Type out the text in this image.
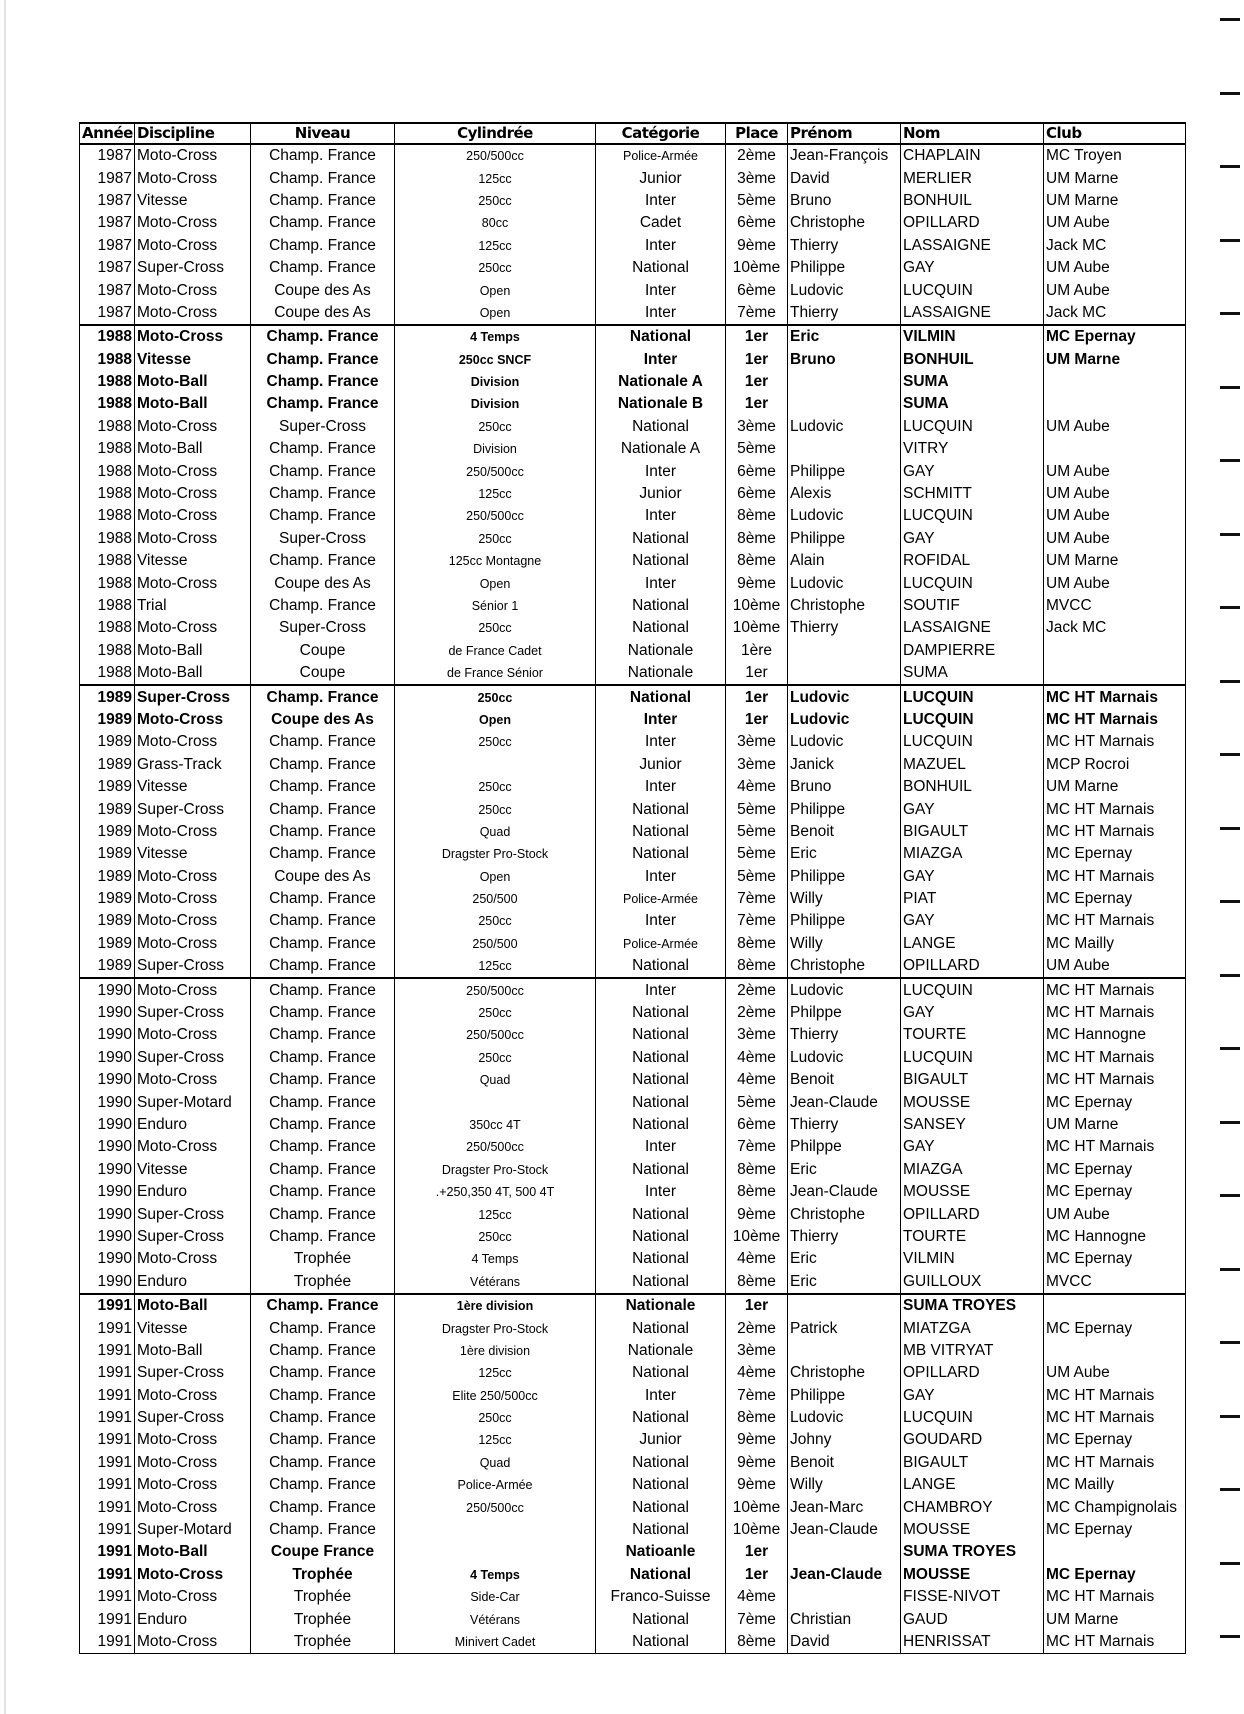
Année	Discipline	Niveau	Cylindrée	Catégorie	Place	Prénom	Nom	Club
1987	Moto-Cross	Champ. France	250/500cc	Police-Armée	2ème	Jean-François	CHAPLAIN	MC Troyen
1987	Moto-Cross	Champ. France	125cc	Junior	3ème	David	MERLIER	UM Marne
1987	Vitesse	Champ. France	250cc	Inter	5ème	Bruno	BONHUIL	UM Marne
1987	Moto-Cross	Champ. France	80cc	Cadet	6ème	Christophe	OPILLARD	UM Aube
1987	Moto-Cross	Champ. France	125cc	Inter	9ème	Thierry	LASSAIGNE	Jack MC
1987	Super-Cross	Champ. France	250cc	National	10ème	Philippe	GAY	UM Aube
1987	Moto-Cross	Coupe des As	Open	Inter	6ème	Ludovic	LUCQUIN	UM Aube
1987	Moto-Cross	Coupe des As	Open	Inter	7ème	Thierry	LASSAIGNE	Jack MC
1988	Moto-Cross	Champ. France	4 Temps	National	1er	Eric	VILMIN	MC Epernay
1988	Vitesse	Champ. France	250cc SNCF	Inter	1er	Bruno	BONHUIL	UM Marne
1988	Moto-Ball	Champ. France	Division	Nationale A	1er		SUMA	
1988	Moto-Ball	Champ. France	Division	Nationale B	1er		SUMA	
1988	Moto-Cross	Super-Cross	250cc	National	3ème	Ludovic	LUCQUIN	UM Aube
1988	Moto-Ball	Champ. France	Division	Nationale A	5ème		VITRY	
1988	Moto-Cross	Champ. France	250/500cc	Inter	6ème	Philippe	GAY	UM Aube
1988	Moto-Cross	Champ. France	125cc	Junior	6ème	Alexis	SCHMITT	UM Aube
1988	Moto-Cross	Champ. France	250/500cc	Inter	8ème	Ludovic	LUCQUIN	UM Aube
1988	Moto-Cross	Super-Cross	250cc	National	8ème	Philippe	GAY	UM Aube
1988	Vitesse	Champ. France	125cc Montagne	National	8ème	Alain	ROFIDAL	UM Marne
1988	Moto-Cross	Coupe des As	Open	Inter	9ème	Ludovic	LUCQUIN	UM Aube
1988	Trial	Champ. France	Sénior 1	National	10ème	Christophe	SOUTIF	MVCC
1988	Moto-Cross	Super-Cross	250cc	National	10ème	Thierry	LASSAIGNE	Jack MC
1988	Moto-Ball	Coupe	de France Cadet	Nationale	1ère		DAMPIERRE	
1988	Moto-Ball	Coupe	de France Sénior	Nationale	1er		SUMA	
1989	Super-Cross	Champ. France	250cc	National	1er	Ludovic	LUCQUIN	MC HT Marnais
1989	Moto-Cross	Coupe des As	Open	Inter	1er	Ludovic	LUCQUIN	MC HT Marnais
1989	Moto-Cross	Champ. France	250cc	Inter	3ème	Ludovic	LUCQUIN	MC HT Marnais
1989	Grass-Track	Champ. France		Junior	3ème	Janick	MAZUEL	MCP Rocroi
1989	Vitesse	Champ. France	250cc	Inter	4ème	Bruno	BONHUIL	UM Marne
1989	Super-Cross	Champ. France	250cc	National	5ème	Philippe	GAY	MC HT Marnais
1989	Moto-Cross	Champ. France	Quad	National	5ème	Benoit	BIGAULT	MC HT Marnais
1989	Vitesse	Champ. France	Dragster Pro-Stock	National	5ème	Eric	MIAZGA	MC Epernay
1989	Moto-Cross	Coupe des As	Open	Inter	5ème	Philippe	GAY	MC HT Marnais
1989	Moto-Cross	Champ. France	250/500	Police-Armée	7ème	Willy	PIAT	MC Epernay
1989	Moto-Cross	Champ. France	250cc	Inter	7ème	Philippe	GAY	MC HT Marnais
1989	Moto-Cross	Champ. France	250/500	Police-Armée	8ème	Willy	LANGE	MC Mailly
1989	Super-Cross	Champ. France	125cc	National	8ème	Christophe	OPILLARD	UM Aube
1990	Moto-Cross	Champ. France	250/500cc	Inter	2ème	Ludovic	LUCQUIN	MC HT Marnais
1990	Super-Cross	Champ. France	250cc	National	2ème	Philppe	GAY	MC HT Marnais
1990	Moto-Cross	Champ. France	250/500cc	National	3ème	Thierry	TOURTE	MC Hannogne
1990	Super-Cross	Champ. France	250cc	National	4ème	Ludovic	LUCQUIN	MC HT Marnais
1990	Moto-Cross	Champ. France	Quad	National	4ème	Benoit	BIGAULT	MC HT Marnais
1990	Super-Motard	Champ. France		National	5ème	Jean-Claude	MOUSSE	MC Epernay
1990	Enduro	Champ. France	350cc 4T	National	6ème	Thierry	SANSEY	UM Marne
1990	Moto-Cross	Champ. France	250/500cc	Inter	7ème	Philppe	GAY	MC HT Marnais
1990	Vitesse	Champ. France	Dragster Pro-Stock	National	8ème	Eric	MIAZGA	MC Epernay
1990	Enduro	Champ. France	.+250,350 4T, 500 4T	Inter	8ème	Jean-Claude	MOUSSE	MC Epernay
1990	Super-Cross	Champ. France	125cc	National	9ème	Christophe	OPILLARD	UM Aube
1990	Super-Cross	Champ. France	250cc	National	10ème	Thierry	TOURTE	MC Hannogne
1990	Moto-Cross	Trophée	4 Temps	National	4ème	Eric	VILMIN	MC Epernay
1990	Enduro	Trophée	Vétérans	National	8ème	Eric	GUILLOUX	MVCC
1991	Moto-Ball	Champ. France	1ère division	Nationale	1er		SUMA TROYES	
1991	Vitesse	Champ. France	Dragster Pro-Stock	National	2ème	Patrick	MIATZGA	MC Epernay
1991	Moto-Ball	Champ. France	1ère division	Nationale	3ème		MB VITRYAT	
1991	Super-Cross	Champ. France	125cc	National	4ème	Christophe	OPILLARD	UM Aube
1991	Moto-Cross	Champ. France	Elite 250/500cc	Inter	7ème	Philippe	GAY	MC HT Marnais
1991	Super-Cross	Champ. France	250cc	National	8ème	Ludovic	LUCQUIN	MC HT Marnais
1991	Moto-Cross	Champ. France	125cc	Junior	9ème	Johny	GOUDARD	MC Epernay
1991	Moto-Cross	Champ. France	Quad	National	9ème	Benoit	BIGAULT	MC HT Marnais
1991	Moto-Cross	Champ. France	Police-Armée	National	9ème	Willy	LANGE	MC Mailly
1991	Moto-Cross	Champ. France	250/500cc	National	10ème	Jean-Marc	CHAMBROY	MC Champignolais
1991	Super-Motard	Champ. France		National	10ème	Jean-Claude	MOUSSE	MC Epernay
1991	Moto-Ball	Coupe France		Natioanle	1er		SUMA TROYES	
1991	Moto-Cross	Trophée	4 Temps	National	1er	Jean-Claude	MOUSSE	MC Epernay
1991	Moto-Cross	Trophée	Side-Car	Franco-Suisse	4ème		FISSE-NIVOT	MC HT Marnais
1991	Enduro	Trophée	Vétérans	National	7ème	Christian	GAUD	UM Marne
1991	Moto-Cross	Trophée	Minivert Cadet	National	8ème	David	HENRISSAT	MC HT Marnais
